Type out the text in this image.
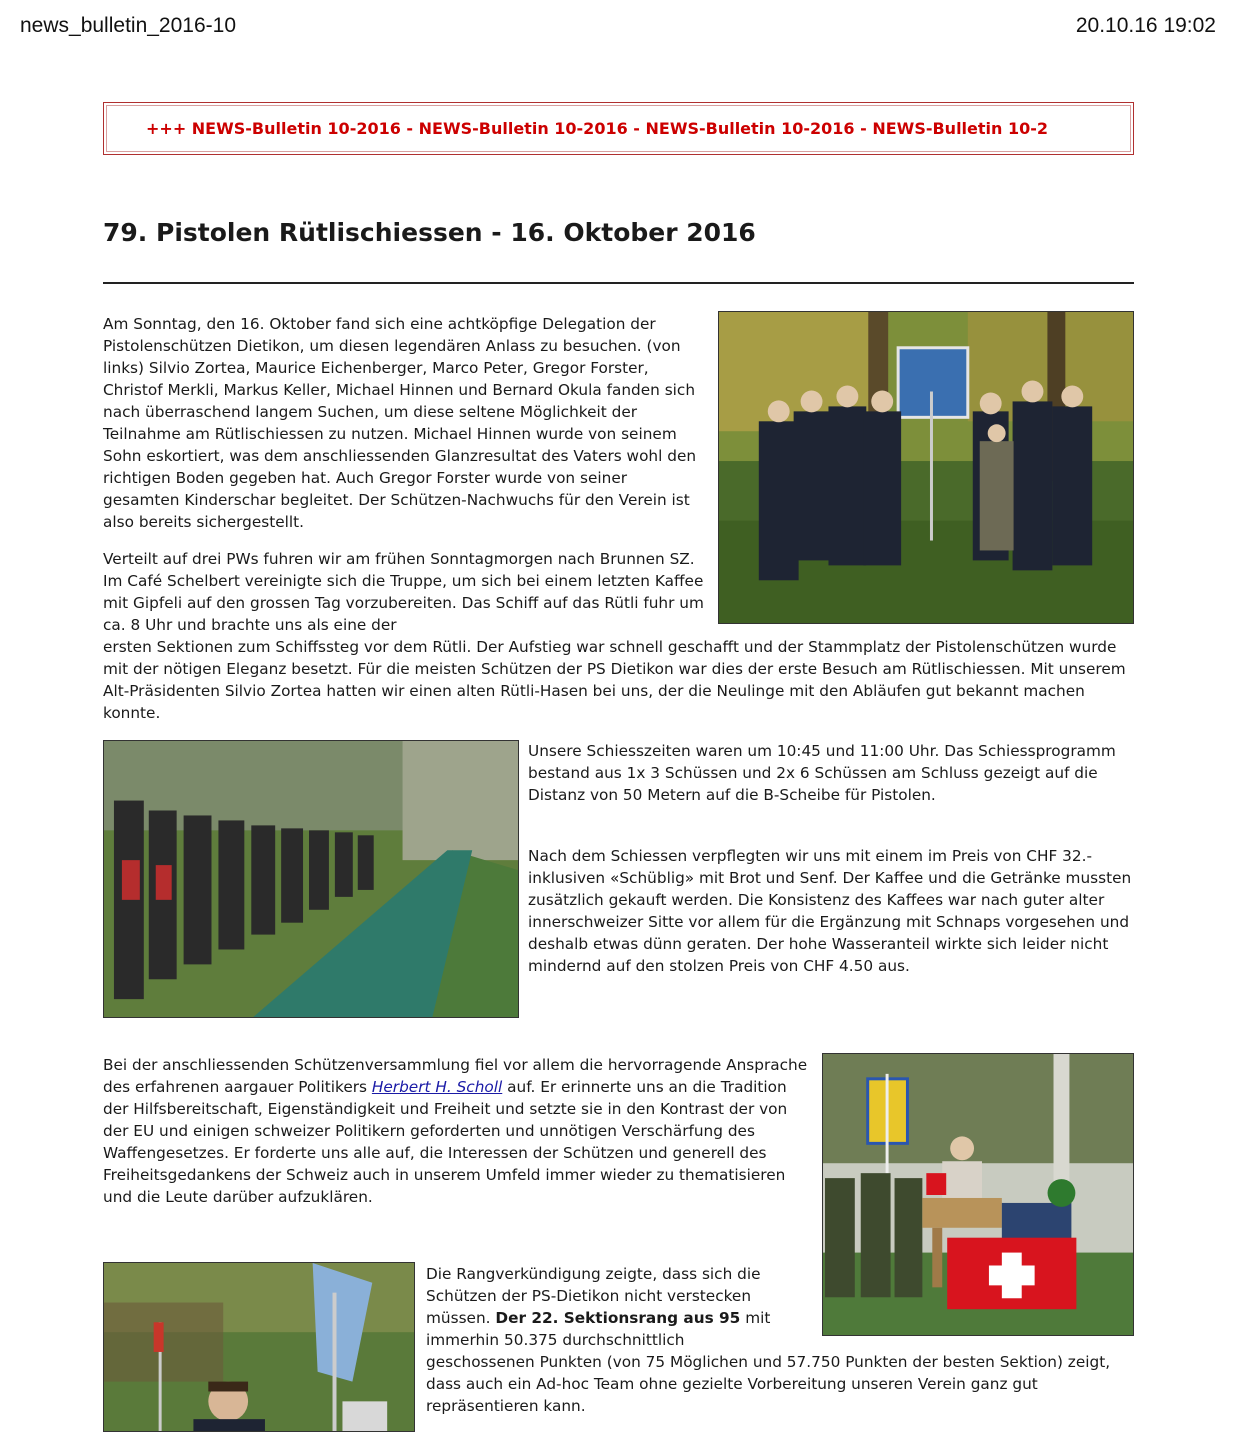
news_bulletin_2016-10	20.10.16 19:02
+++ NEWS-Bulletin 10-2016 - NEWS-Bulletin 10-2016 - NEWS-Bulletin 10-2016 - NEWS-Bulletin 10-2
79. Pistolen Rütlischiessen - 16. Oktober 2016

Am Sonntag, den 16. Oktober fand sich eine achtköpfige Delegation der Pistolenschützen Dietikon, um diesen legendären Anlass zu besuchen. (von links) Silvio Zortea, Maurice Eichenberger, Marco Peter, Gregor Forster, Christof Merkli, Markus Keller, Michael Hinnen und Bernard Okula fanden sich nach überraschend langem Suchen, um diese seltene Möglichkeit der Teilnahme am Rütlischiessen zu nutzen. Michael Hinnen wurde von seinem Sohn eskortiert, was dem anschliessenden Glanzresultat des Vaters wohl den richtigen Boden gegeben hat. Auch Gregor Forster wurde von seiner gesamten Kinderschar begleitet. Der Schützen-Nachwuchs für den Verein ist also bereits sichergestellt.

Verteilt auf drei PWs fuhren wir am frühen Sonntagmorgen nach Brunnen SZ. Im Café Schelbert vereinigte sich die Truppe, um sich bei einem letzten Kaffee mit Gipfeli auf den grossen Tag vorzubereiten. Das Schiff auf das Rütli fuhr um ca. 8 Uhr und brachte uns als eine der

ersten Sektionen zum Schiffssteg vor dem Rütli. Der Aufstieg war schnell geschafft und der Stammplatz der Pistolenschützen wurde mit der nötigen Eleganz besetzt. Für die meisten Schützen der PS Dietikon war dies der erste Besuch am Rütlischiessen. Mit unserem Alt-Präsidenten Silvio Zortea hatten wir einen alten Rütli-Hasen bei uns, der die Neulinge mit den Abläufen gut bekannt machen konnte.

Unsere Schiesszeiten waren um 10:45 und 11:00 Uhr. Das Schiessprogramm bestand aus 1x 3 Schüssen und 2x 6 Schüssen am Schluss gezeigt auf die Distanz von 50 Metern auf die B-Scheibe für Pistolen.

Nach dem Schiessen verpflegten wir uns mit einem im Preis von CHF 32.- inklusiven «Schüblig» mit Brot und Senf. Der Kaffee und die Getränke mussten zusätzlich gekauft werden. Die Konsistenz des Kaffees war nach guter alter innerschweizer Sitte vor allem für die Ergänzung mit Schnaps vorgesehen und deshalb etwas dünn geraten. Der hohe Wasseranteil wirkte sich leider nicht mindernd auf den stolzen Preis von CHF 4.50 aus.

Bei der anschliessenden Schützenversammlung fiel vor allem die hervorragende Ansprache des erfahrenen aargauer Politikers Herbert H. Scholl auf. Er erinnerte uns an die Tradition der Hilfsbereitschaft, Eigenständigkeit und Freiheit und setzte sie in den Kontrast der von der EU und einigen schweizer Politikern geforderten und unnötigen Verschärfung des Waffengesetzes. Er forderte uns alle auf, die Interessen der Schützen und generell des Freiheitsgedankens der Schweiz auch in unserem Umfeld immer wieder zu thematisieren und die Leute darüber aufzuklären.

Die Rangverkündigung zeigte, dass sich die Schützen der PS-Dietikon nicht verstecken müssen. Der 22. Sektionsrang aus 95 mit immerhin 50.375 durchschnittlich

geschossenen Punkten (von 75 Möglichen und 57.750 Punkten der besten Sektion) zeigt, dass auch ein Ad-hoc Team ohne gezielte Vorbereitung unseren Verein ganz gut repräsentieren kann.
